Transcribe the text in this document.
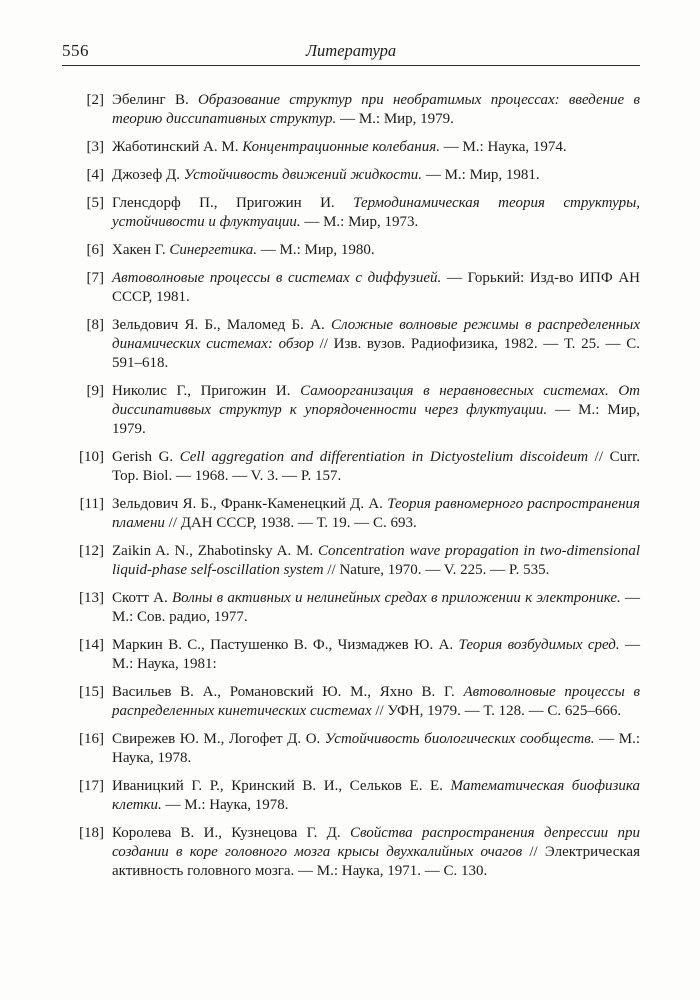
556	Литература
[2] Эбелинг В. Образование структур при необратимых процессах: введение в теорию диссипативных структур. — М.: Мир, 1979.

[3] Жаботинский А. М. Концентрационные колебания. — М.: Наука, 1974.

[4] Джозеф Д. Устойчивость движений жидкости. — М.: Мир, 1981.

[5] Гленсдорф П., Пригожин И. Термодинамическая теория структуры, устойчивости и флуктуации. — М.: Мир, 1973.

[6] Хакен Г. Синергетика. — М.: Мир, 1980.

[7] Автоволновые процессы в системах с диффузией. — Горький: Изд-во ИПФ АН СССР, 1981.

[8] Зельдович Я. Б., Маломед Б. А. Сложные волновые режимы в распределенных динамических системах: обзор // Изв. вузов. Радиофизика, 1982. — Т. 25. — С. 591–618.

[9] Николис Г., Пригожин И. Самоорганизация в неравновесных системах. От диссипативвых структур к упорядоченности через флуктуации. — М.: Мир, 1979.

[10] Gerish G. Cell aggregation and differentiation in Dictyostelium discoideum // Curr. Top. Biol. — 1968. — V. 3. — P. 157.

[11] Зельдович Я. Б., Франк-Каменецкий Д. А. Теория равномерного распространения пламени // ДАН СССР, 1938. — Т. 19. — С. 693.

[12] Zaikin A. N., Zhabotinsky A. M. Concentration wave propagation in two-dimensional liquid-phase self-oscillation system // Nature, 1970. — V. 225. — P. 535.

[13] Скотт А. Волны в активных и нелинейных средах в приложении к электронике. — М.: Сов. радио, 1977.

[14] Маркин В. С., Пастушенко В. Ф., Чизмаджев Ю. А. Теория возбудимых сред. — М.: Наука, 1981:

[15] Васильев В. А., Романовский Ю. М., Яхно В. Г. Автоволновые процессы в распределенных кинетических системах // УФН, 1979. — Т. 128. — С. 625–666.

[16] Свирежев Ю. М., Логофет Д. О. Устойчивость биологических сообществ. — М.: Наука, 1978.

[17] Иваницкий Г. Р., Кринский В. И., Сельков Е. Е. Математическая биофизика клетки. — М.: Наука, 1978.

[18] Королева В. И., Кузнецова Г. Д. Свойства распространения депрессии при создании в коре головного мозга крысы двухкалийных очагов // Электрическая активность головного мозга. — М.: Наука, 1971. — С. 130.
